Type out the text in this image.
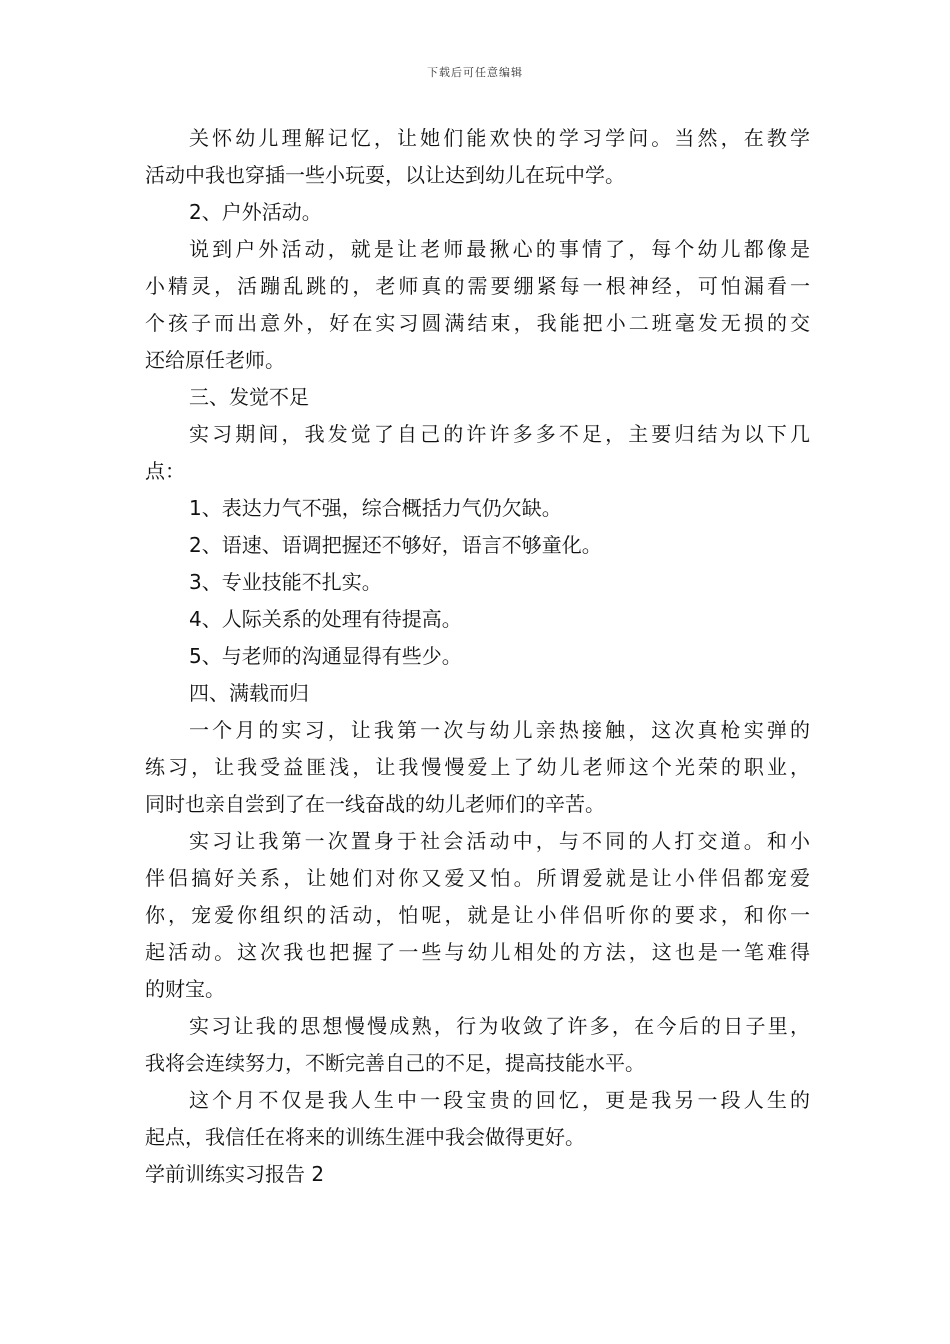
下载后可任意编辑
关怀幼儿理解记忆，让她们能欢快的学习学问。当然，在教学
活动中我也穿插一些小玩耍，以让达到幼儿在玩中学。
2、户外活动。
说到户外活动，就是让老师最揪心的事情了，每个幼儿都像是
小精灵，活蹦乱跳的，老师真的需要绷紧每一根神经，可怕漏看一
个孩子而出意外，好在实习圆满结束，我能把小二班毫发无损的交
还给原任老师。
三、发觉不足
实习期间，我发觉了自己的许许多多不足，主要归结为以下几
点：
1、表达力气不强，综合概括力气仍欠缺。
2、语速、语调把握还不够好，语言不够童化。
3、专业技能不扎实。
4、人际关系的处理有待提高。
5、与老师的沟通显得有些少。
四、满载而归
一个月的实习，让我第一次与幼儿亲热接触，这次真枪实弹的
练习，让我受益匪浅，让我慢慢爱上了幼儿老师这个光荣的职业，
同时也亲自尝到了在一线奋战的幼儿老师们的辛苦。
实习让我第一次置身于社会活动中，与不同的人打交道。和小
伴侣搞好关系，让她们对你又爱又怕。所谓爱就是让小伴侣都宠爱
你，宠爱你组织的活动，怕呢，就是让小伴侣听你的要求，和你一
起活动。这次我也把握了一些与幼儿相处的方法，这也是一笔难得
的财宝。
实习让我的思想慢慢成熟，行为收敛了许多，在今后的日子里，
我将会连续努力，不断完善自己的不足，提高技能水平。
这个月不仅是我人生中一段宝贵的回忆，更是我另一段人生的
起点，我信任在将来的训练生涯中我会做得更好。
学前训练实习报告 2
